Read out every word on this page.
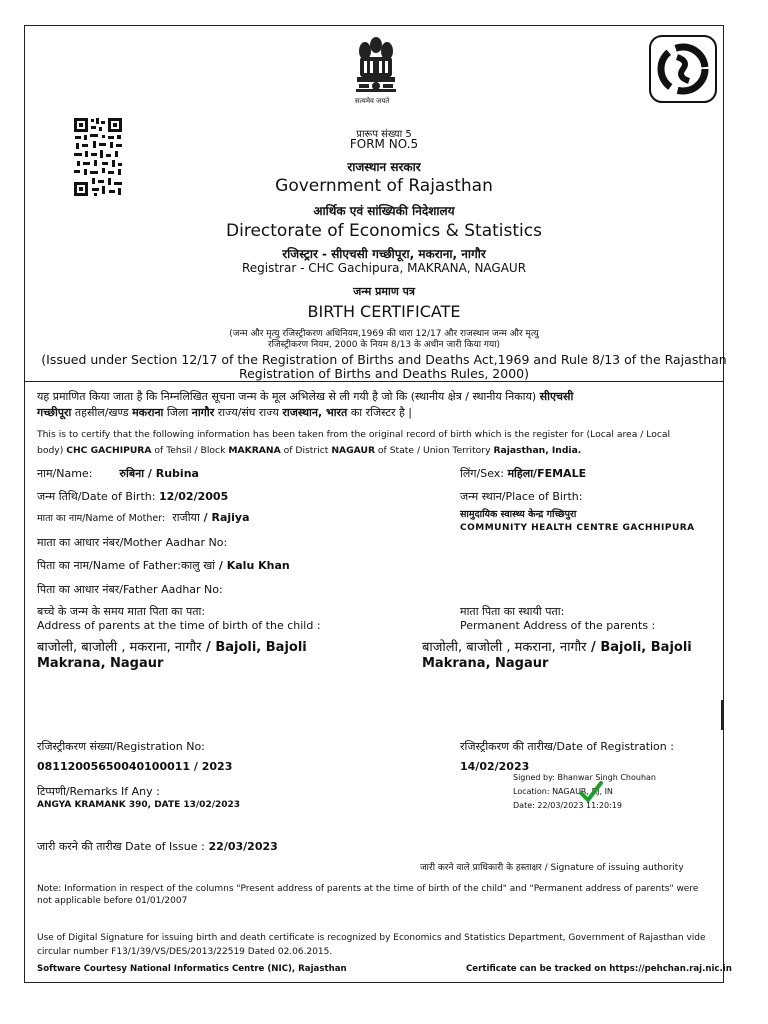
सत्यमेव जयते
प्रारूप संख्या 5
FORM NO.5
राजस्थान सरकार
Government of Rajasthan
आर्थिक एवं सांख्यिकी निदेशालय
Directorate of Economics & Statistics
रजिस्ट्रार - सीएचसी गच्छीपूरा, मकराना, नागौर
Registrar - CHC Gachipura, MAKRANA, NAGAUR
जन्म प्रमाण पत्र
BIRTH CERTIFICATE
(जन्म और मृत्यु रजिस्ट्रीकरण अधिनियम,1969 की धारा 12/17 और राजस्थान जन्म और मृत्यु
रजिस्ट्रीकरण नियम, 2000 के नियम 8/13 के अधीन जारी किया गया)
(Issued under Section 12/17 of the Registration of Births and Deaths Act,1969 and Rule 8/13 of the Rajasthan
Registration of Births and Deaths Rules, 2000)
यह प्रमाणित किया जाता है कि निम्नलिखित सूचना जन्म के मूल अभिलेख से ली गयी है जो कि (स्थानीय क्षेत्र / स्थानीय निकाय) सीएचसी
गच्छीपूरा तहसील/खण्ड मकराना जिला नागौर राज्य/संघ राज्य राजस्थान, भारत का रजिस्टर है |
This is to certify that the following information has been taken from the original record of birth which is the register for (Local area / Local
body) CHC GACHIPURA of Tehsil / Block MAKRANA of District NAGAUR of State / Union Territory Rajasthan, India.
नाम/Name: रुबिना / Rubina
जन्म तिथि/Date of Birth: 12/02/2005
माता का नाम/Name of Mother: राजीया / Rajiya
माता का आधार नंबर/Mother Aadhar No:
पिता का नाम/Name of Father:कालु खां / Kalu Khan
पिता का आधार नंबर/Father Aadhar No:
बच्चे के जन्म के समय माता पिता का पता:
Address of parents at the time of birth of the child :
बाजोली, बाजोली , मकराना, नागौर / Bajoli, Bajoli
Makrana, Nagaur
लिंग/Sex: महिला/FEMALE
जन्म स्थान/Place of Birth:
सामुदायिक स्वास्थ्य केन्द्र गच्छिपुरा
COMMUNITY HEALTH CENTRE GACHHIPURA
माता पिता का स्थायी पता:
Permanent Address of the parents :
बाजोली, बाजोली , मकराना, नागौर / Bajoli, Bajoli
Makrana, Nagaur
रजिस्ट्रीकरण संख्या/Registration No:
08112005650040100011 / 2023
टिप्पणी/Remarks If Any :
ANGYA KRAMANK 390, DATE 13/02/2023
रजिस्ट्रीकरण की तारीख/Date of Registration :
14/02/2023
Signed by: Bhanwar Singh Chouhan
Location: NAGAUR, RJ, IN
Date: 22/03/2023 11:20:19
जारी करने की तारीख Date of Issue : 22/03/2023
जारी करने वाले प्राधिकारी के हस्ताक्षर / Signature of issuing authority
Note: Information in respect of the columns "Present address of parents at the time of birth of the child" and "Permanent address of parents" were
not applicable before 01/01/2007
Use of Digital Signature for issuing birth and death certificate is recognized by Economics and Statistics Department, Government of Rajasthan vide
circular number F13/1/39/VS/DES/2013/22519 Dated 02.06.2015.
Software Courtesy National Informatics Centre (NIC), Rajasthan	Certificate can be tracked on https://pehchan.raj.nic.in
